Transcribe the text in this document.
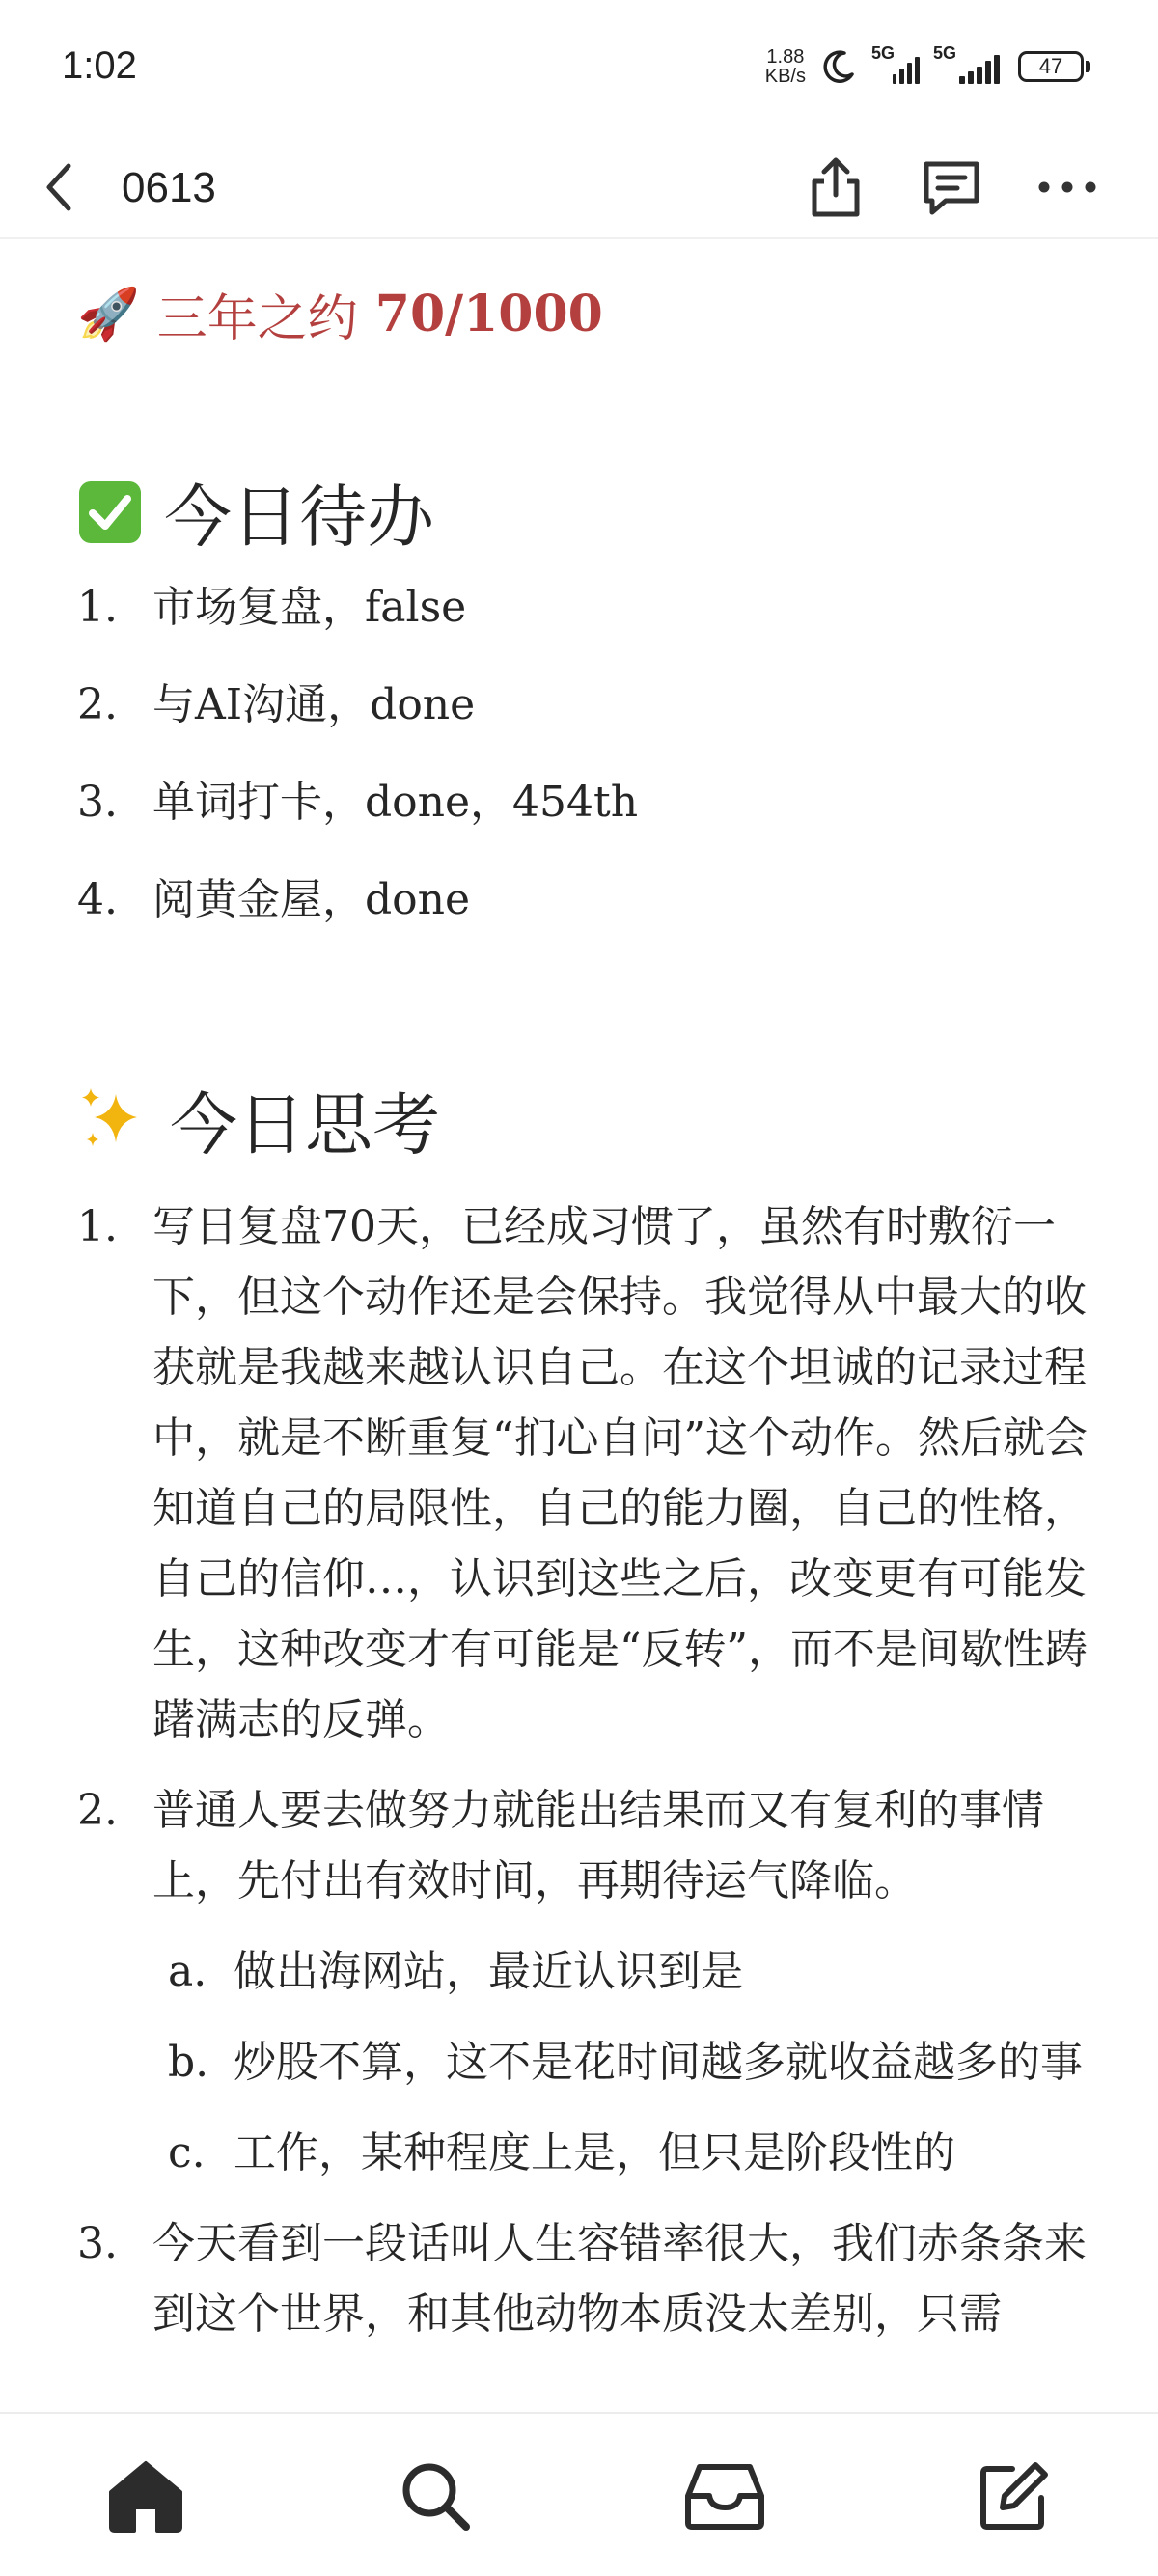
1:02	1.88
KB/s
5G 5G
47
0613
🚀 三年之约 70/1000
今日待办
1. 市场复盘，false
2. 与AI沟通，done
3. 单词打卡，done，454th
4. 阅黄金屋，done
今日思考
1. 写日复盘70天，已经成习惯了，虽然有时敷衍一下，但这个动作还是会保持。我觉得从中最大的收获就是我越来越认识自己。在这个坦诚的记录过程中，就是不断重复“扪心自问”这个动作。然后就会知道自己的局限性，自己的能力圈，自己的性格，自己的信仰…，认识到这些之后，改变更有可能发生，这种改变才有可能是“反转”，而不是间歇性踌躇满志的反弹。
2. 普通人要去做努力就能出结果而又有复利的事情上，先付出有效时间，再期待运气降临。
a. 做出海网站，最近认识到是
b. 炒股不算，这不是花时间越多就收益越多的事
c. 工作，某种程度上是，但只是阶段性的
3. 今天看到一段话叫人生容错率很大，我们赤条条来到这个世界，和其他动物本质没太差别，只需
